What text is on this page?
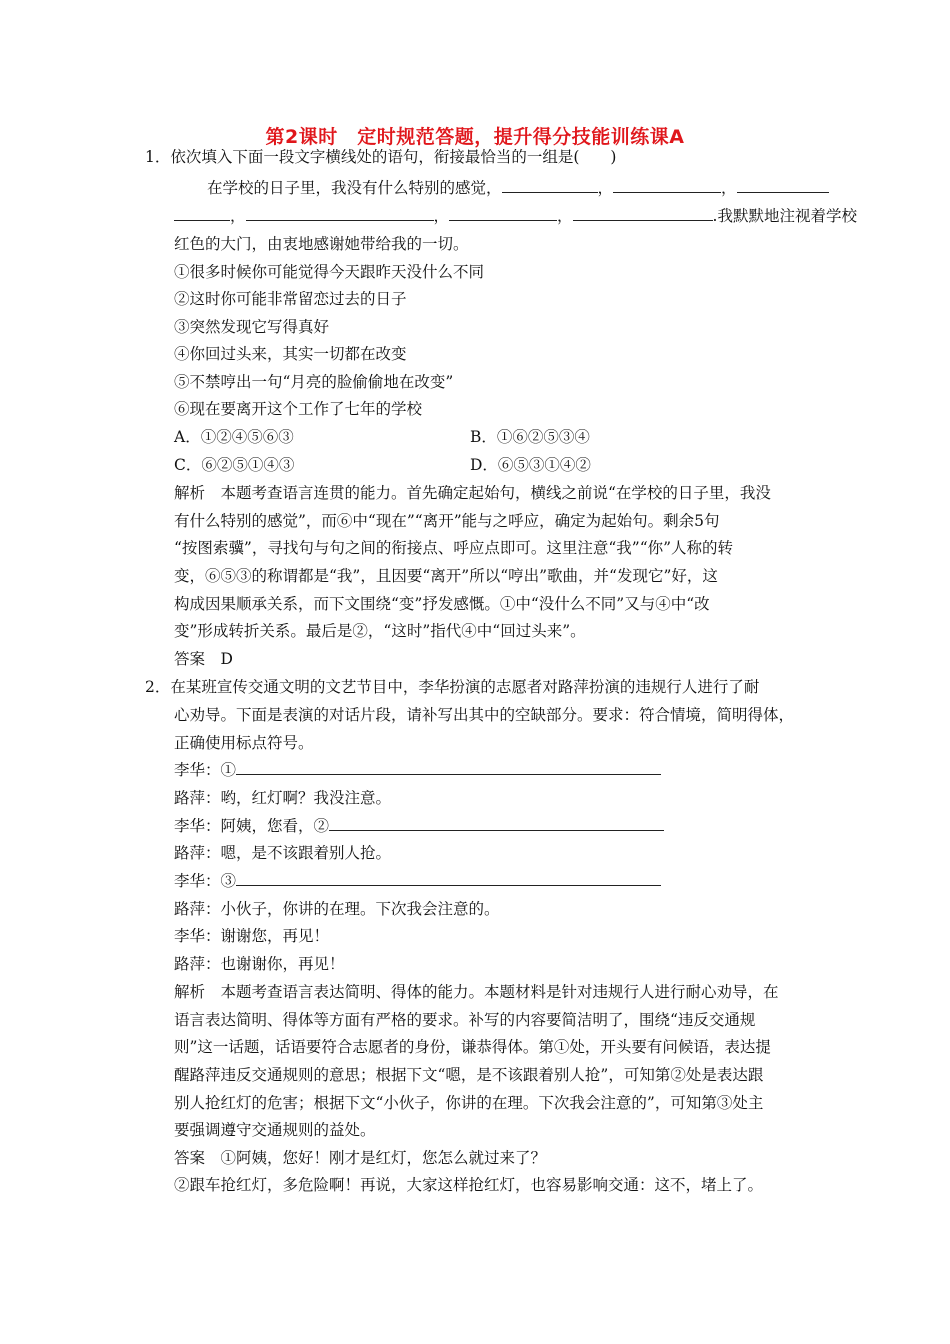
第2课时　定时规范答题，提升得分技能训练课A
1．依次填入下面一段文字横线处的语句，衔接最恰当的一组是(　　)
在学校的日子里，我没有什么特别的感觉，	，	，
，	，	，	.我默默地注视着学校
红色的大门，由衷地感谢她带给我的一切。
①很多时候你可能觉得今天跟昨天没什么不同
②这时你可能非常留恋过去的日子
③突然发现它写得真好
④你回过头来，其实一切都在改变
⑤不禁哼出一句“月亮的脸偷偷地在改变”
⑥现在要离开这个工作了七年的学校
A．①②④⑤⑥③	B．①⑥②⑤③④
C．⑥②⑤①④③	D．⑥⑤③①④②
解析　本题考查语言连贯的能力。首先确定起始句，横线之前说“在学校的日子里，我没
有什么特别的感觉”，而⑥中“现在”“离开”能与之呼应，确定为起始句。剩余5句
“按图索骥”，寻找句与句之间的衔接点、呼应点即可。这里注意“我”“你”人称的转
变，⑥⑤③的称谓都是“我”，且因要“离开”所以“哼出”歌曲，并“发现它”好，这
构成因果顺承关系，而下文围绕“变”抒发感慨。①中“没什么不同”又与④中“改
变”形成转折关系。最后是②，“这时”指代④中“回过头来”。
答案　D
2．在某班宣传交通文明的文艺节目中，李华扮演的志愿者对路萍扮演的违规行人进行了耐
心劝导。下面是表演的对话片段，请补写出其中的空缺部分。要求：符合情境，简明得体，
正确使用标点符号。
李华：①
路萍：哟，红灯啊？我没注意。
李华：阿姨，您看，②
路萍：嗯，是不该跟着别人抢。
李华：③
路萍：小伙子，你讲的在理。下次我会注意的。
李华：谢谢您，再见！
路萍：也谢谢你，再见！
解析　本题考查语言表达简明、得体的能力。本题材料是针对违规行人进行耐心劝导，在
语言表达简明、得体等方面有严格的要求。补写的内容要简洁明了，围绕“违反交通规
则”这一话题，话语要符合志愿者的身份，谦恭得体。第①处，开头要有问候语，表达提
醒路萍违反交通规则的意思；根据下文“嗯，是不该跟着别人抢”，可知第②处是表达跟
别人抢红灯的危害；根据下文“小伙子，你讲的在理。下次我会注意的”，可知第③处主
要强调遵守交通规则的益处。
答案　①阿姨，您好！刚才是红灯，您怎么就过来了？
②跟车抢红灯，多危险啊！再说，大家这样抢红灯，也容易影响交通：这不，堵上了。
